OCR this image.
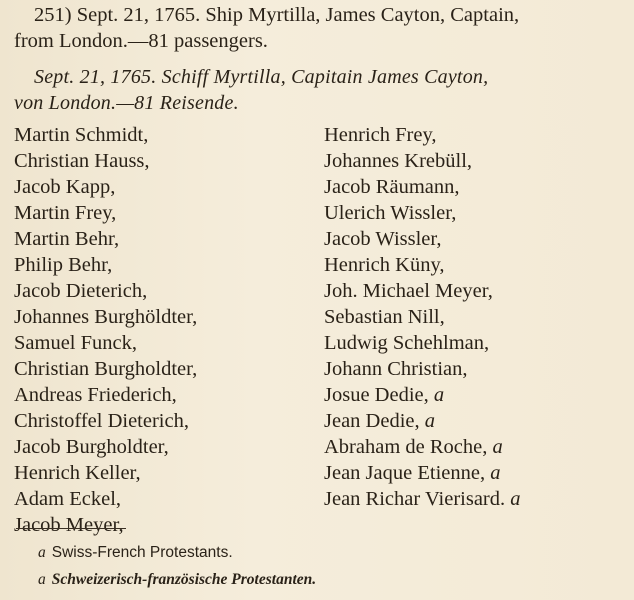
251) Sept. 21, 1765. Ship Myrtilla, James Cayton, Captain,
from London.—81 passengers.
Sept. 21, 1765. Schiff Myrtilla, Capitain James Cayton,
von London.—81 Reisende.
Martin Schmidt,
Christian Hauss,
Jacob Kapp,
Martin Frey,
Martin Behr,
Philip Behr,
Jacob Dieterich,
Johannes Burghöldter,
Samuel Funck,
Christian Burgholdter,
Andreas Friederich,
Christoffel Dieterich,
Jacob Burgholdter,
Henrich Keller,
Adam Eckel,
Jacob Meyer,
Henrich Frey,
Johannes Krebüll,
Jacob Räumann,
Ulerich Wissler,
Jacob Wissler,
Henrich Küny,
Joh. Michael Meyer,
Sebastian Nill,
Ludwig Schehlman,
Johann Christian,
Josue Dedie, a
Jean Dedie, a
Abraham de Roche, a
Jean Jaque Etienne, a
Jean Richar Vierisard. a
a Swiss-French Protestants.
a Schweizerisch-französische Protestanten.
